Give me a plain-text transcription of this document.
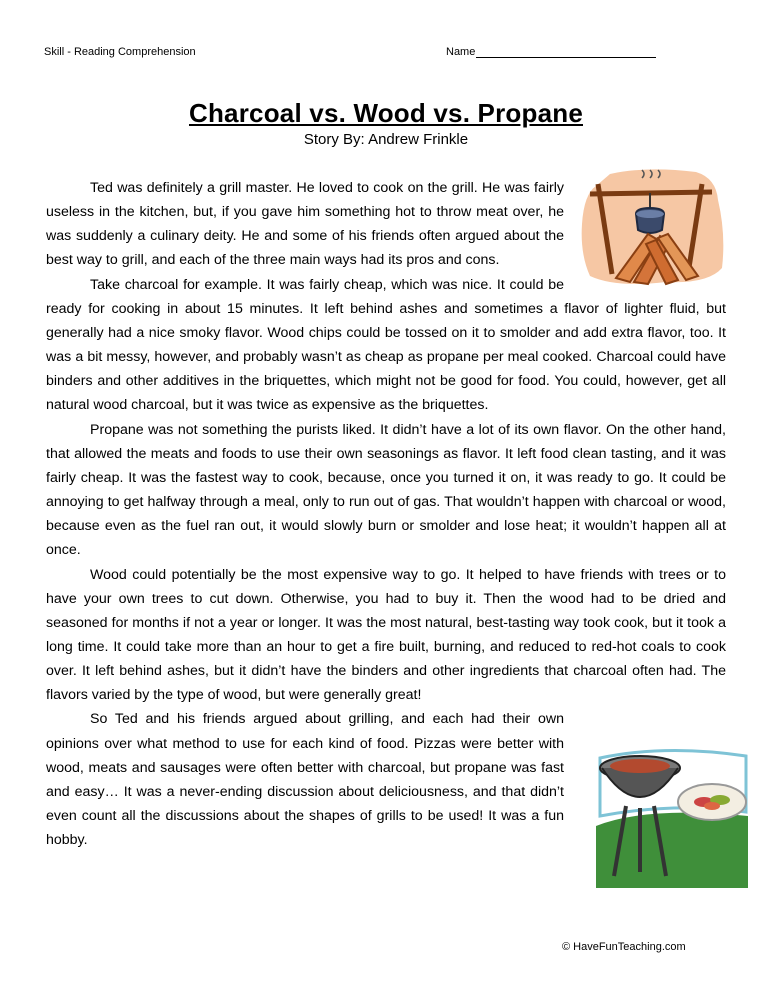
Skill - Reading Comprehension	Name
Charcoal vs. Wood vs. Propane
Story By: Andrew Frinkle

Ted was definitely a grill master. He loved to cook on the grill. He was fairly useless in the kitchen, but, if you gave him something hot to throw meat over, he was suddenly a culinary deity. He and some of his friends often argued about the best way to grill, and each of the three main ways had its pros and cons.

Take charcoal for example. It was fairly cheap, which was nice. It could be ready for cooking in about 15 minutes. It left behind ashes and sometimes a flavor of lighter fluid, but generally had a nice smoky flavor. Wood chips could be tossed on it to smolder and add extra flavor, too. It was a bit messy, however, and probably wasn’t as cheap as propane per meal cooked. Charcoal could have binders and other additives in the briquettes, which might not be good for food. You could, however, get all natural wood charcoal, but it was twice as expensive as the briquettes.

Propane was not something the purists liked. It didn’t have a lot of its own flavor. On the other hand, that allowed the meats and foods to use their own seasonings as flavor. It left food clean tasting, and it was fairly cheap. It was the fastest way to cook, because, once you turned it on, it was ready to go. It could be annoying to get halfway through a meal, only to run out of gas. That wouldn’t happen with charcoal or wood, because even as the fuel ran out, it would slowly burn or smolder and lose heat; it wouldn’t happen all at once.

Wood could potentially be the most expensive way to go. It helped to have friends with trees or to have your own trees to cut down. Otherwise, you had to buy it. Then the wood had to be dried and seasoned for months if not a year or longer. It was the most natural, best-tasting way took cook, but it took a long time. It could take more than an hour to get a fire built, burning, and reduced to red-hot coals to cook over. It left behind ashes, but it didn’t have the binders and other ingredients that charcoal often had. The flavors varied by the type of wood, but were generally great!

So Ted and his friends argued about grilling, and each had their own opinions over what method to use for each kind of food. Pizzas were better with wood, meats and sausages were often better with charcoal, but propane was fast and easy… It was a never-ending discussion about deliciousness, and that didn’t even count all the discussions about the shapes of grills to be used! It was a fun hobby.

© HaveFunTeaching.com
